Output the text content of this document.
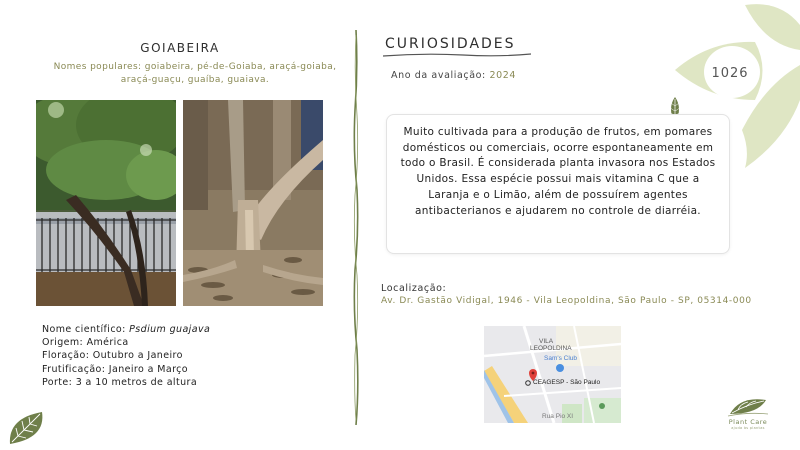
GOIABEIRA
Nomes populares: goiabeira, pé-de-Goiaba, araçá-goiaba, araçá-guaçu, guaíba, guaiava.
Nome científico: Psdium guajava
Origem: América
Floração: Outubro a Janeiro
Frutificação: Janeiro a Março
Porte: 3 a 10 metros de altura
CURIOSIDADES
Ano da avaliação: 2024
Muito cultivada para a produção de frutos, em pomares domésticos ou comerciais, ocorre espontaneamente em todo o Brasil. É considerada planta invasora nos Estados Unidos. Essa espécie possui mais vitamina C que a Laranja e o Limão, além de possuírem agentes antibacterianos e ajudarem no controle de diarréia.
Localização:
Av. Dr. Gastão Vidigal, 1946 - Vila Leopoldina, São Paulo - SP, 05314-000
VILA
LEOPOLDINA
Sam's Club
CEAGESP - São Paulo
Rua Pio XI
1026
Plant Care
ajuda às plantas
